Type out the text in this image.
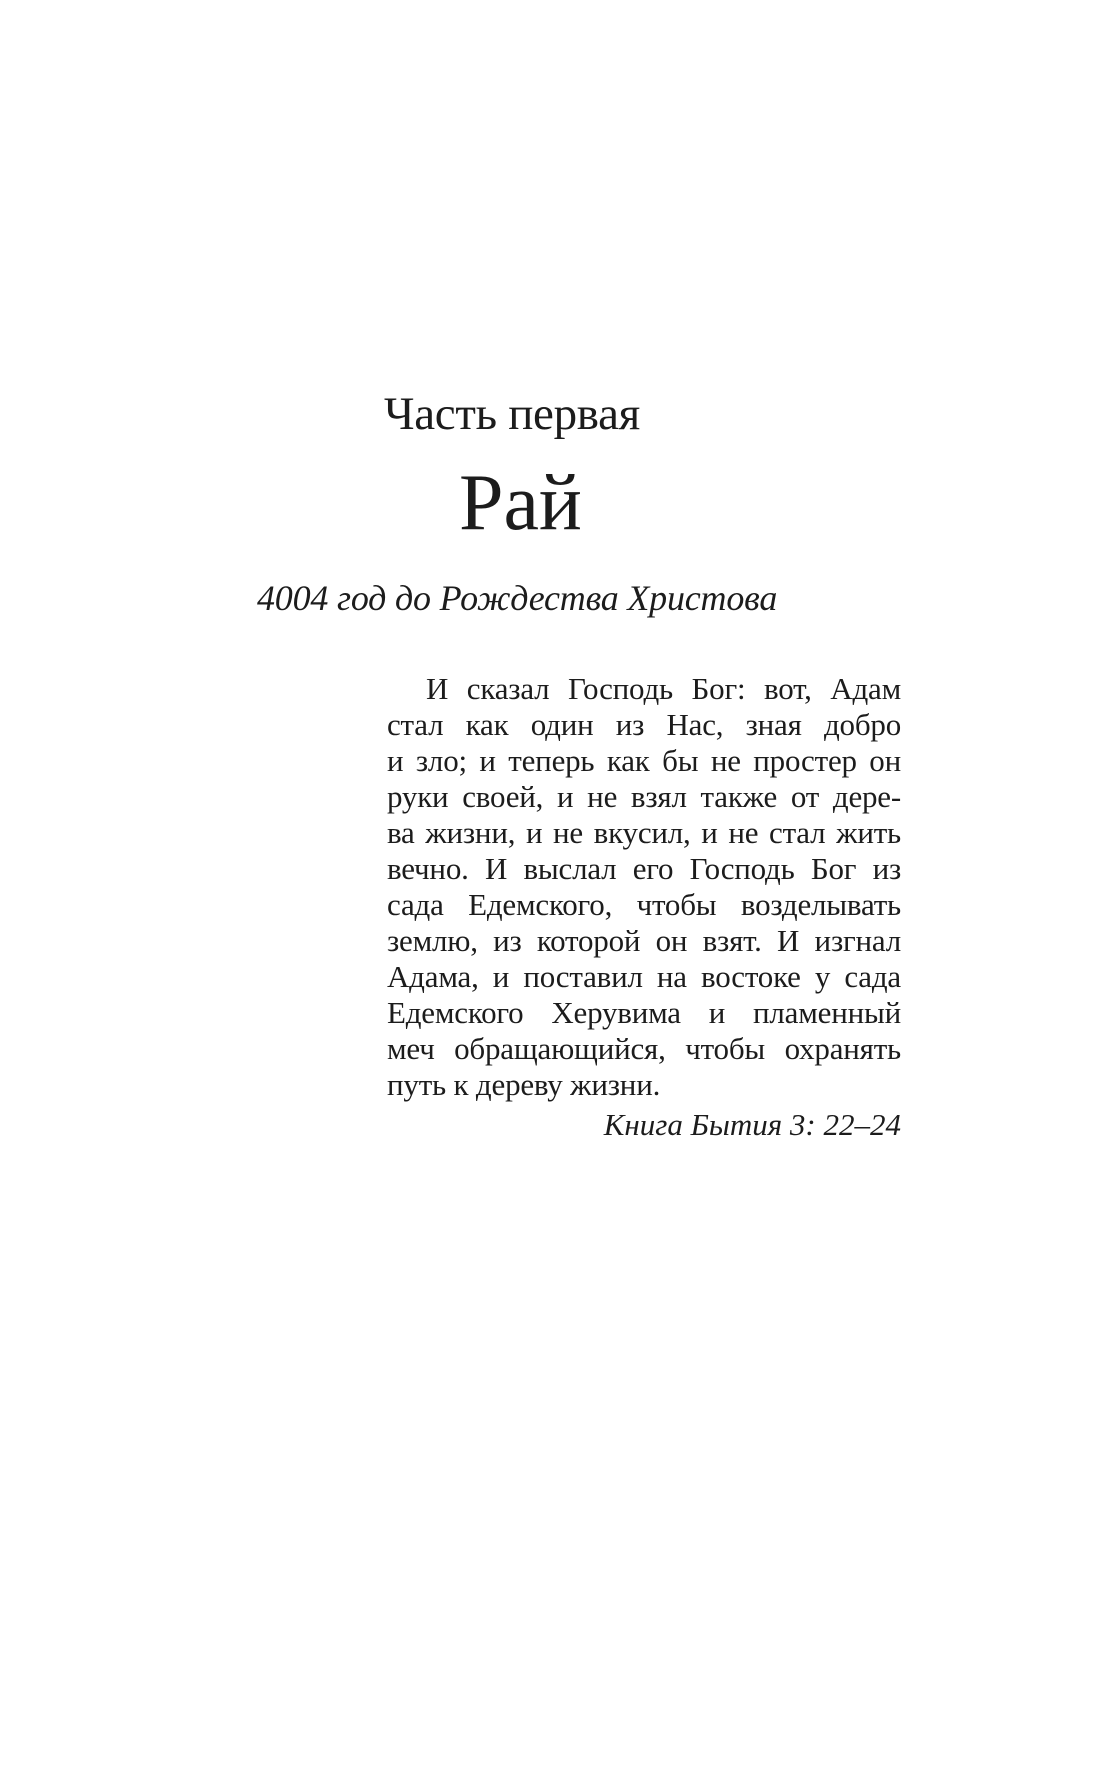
Часть первая
Рай
4004 год до Рождества Христова
И сказал Господь Бог: вот, Адам
стал как один из Нас, зная добро
и зло; и теперь как бы не простер он
руки своей, и не взял также от дере-
ва жизни, и не вкусил, и не стал жить
вечно. И выслал его Господь Бог из
сада Едемского, чтобы возделывать
землю, из которой он взят. И изгнал
Адама, и поставил на востоке у сада
Едемского Херувима и пламенный
меч обращающийся, чтобы охранять
путь к дереву жизни.
Книга Бытия 3: 22–24
